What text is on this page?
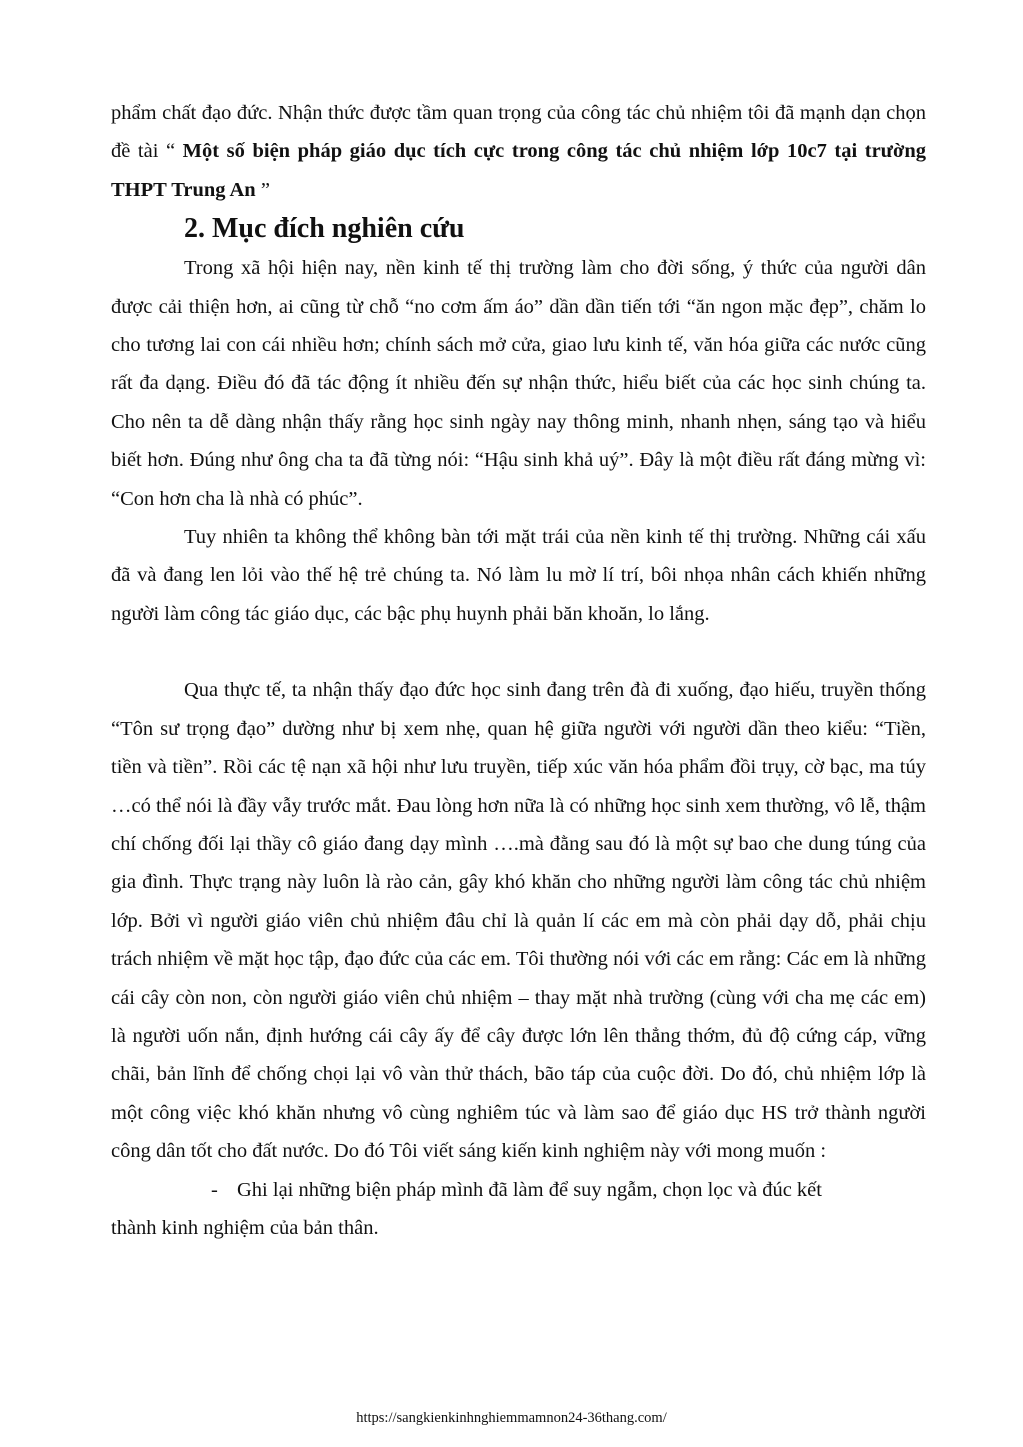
phẩm chất đạo đức. Nhận thức được tầm quan trọng của công tác chủ nhiệm tôi đã mạnh dạn chọn đề tài “ Một số biện pháp giáo dục tích cực trong công tác chủ nhiệm lớp 10c7 tại trường THPT Trung An ”

2. Mục đích nghiên cứu

Trong xã hội hiện nay, nền kinh tế thị trường làm cho đời sống, ý thức của người dân được cải thiện hơn, ai cũng từ chỗ “no cơm ấm áo” dần dần tiến tới “ăn ngon mặc đẹp”, chăm lo cho tương lai con cái nhiều hơn; chính sách mở cửa, giao lưu kinh tế, văn hóa giữa các nước cũng rất đa dạng. Điều đó đã tác động ít nhiều đến sự nhận thức, hiểu biết của các học sinh chúng ta. Cho nên ta dễ dàng nhận thấy rằng học sinh ngày nay thông minh, nhanh nhẹn, sáng tạo và hiểu biết hơn. Đúng như ông cha ta đã từng nói: “Hậu sinh khả uý”. Đây là một điều rất đáng mừng vì: “Con hơn cha là nhà có phúc”.

Tuy nhiên ta không thể không bàn tới mặt trái của nền kinh tế thị trường. Những cái xấu đã và đang len lỏi vào thế hệ trẻ chúng ta. Nó làm lu mờ lí trí, bôi nhọa nhân cách khiến những người làm công tác giáo dục, các bậc phụ huynh phải băn khoăn, lo lắng.

Qua thực tế, ta nhận thấy đạo đức học sinh đang trên đà đi xuống, đạo hiếu, truyền thống “Tôn sư trọng đạo” dường như bị xem nhẹ, quan hệ giữa người với người dần theo kiểu: “Tiền, tiền và tiền”. Rồi các tệ nạn xã hội như lưu truyền, tiếp xúc văn hóa phẩm đồi trụy, cờ bạc, ma túy …có thể nói là đầy vẫy trước mắt. Đau lòng hơn nữa là có những học sinh xem thường, vô lễ, thậm chí chống đối lại thầy cô giáo đang dạy mình ….mà đằng sau đó là một sự bao che dung túng của gia đình. Thực trạng này luôn là rào cản, gây khó khăn cho những người làm công tác chủ nhiệm lớp. Bởi vì người giáo viên chủ nhiệm đâu chỉ là quản lí các em mà còn phải dạy dỗ, phải chịu trách nhiệm về mặt học tập, đạo đức của các em. Tôi thường nói với các em rằng: Các em là những cái cây còn non, còn người giáo viên chủ nhiệm – thay mặt nhà trường (cùng với cha mẹ các em) là người uốn nắn, định hướng cái cây ấy để cây được lớn lên thẳng thớm, đủ độ cứng cáp, vững chãi, bản lĩnh để chống chọi lại vô vàn thử thách, bão táp của cuộc đời. Do đó, chủ nhiệm lớp là một công việc khó khăn nhưng vô cùng nghiêm túc và làm sao để giáo dục HS trở thành người công dân tốt cho đất nước. Do đó Tôi viết sáng kiến kinh nghiệm này với mong muốn :

- Ghi lại những biện pháp mình đã làm để suy ngẫm, chọn lọc và đúc kết

thành kinh nghiệm của bản thân.

https://sangkienkinhnghiemmamnon24-36thang.com/
